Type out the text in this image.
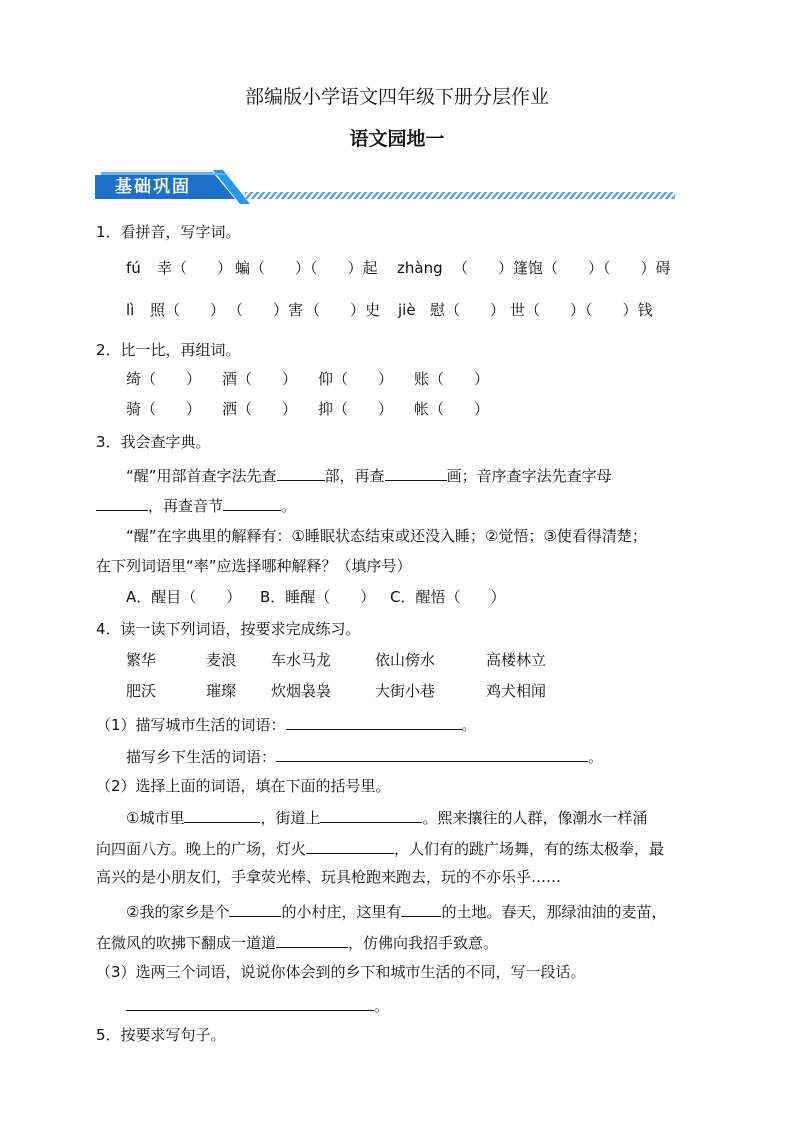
部编版小学语文四年级下册分层作业
语文园地一
基础巩固
1．看拼音，写字词。
fú 幸（　　） 蝙（　　）（　　）起 zhàng （　　）篷 饱（　　）（　　）碍
lì 照（　　） （　　）害 （　　）史 jiè 慰（　　） 世（　　）（　　）钱
2．比一比，再组词。
绮（　　） 酒（　　） 仰（　　） 账（　　）
骑（　　） 洒（　　） 抑（　　） 帐（　　）
3．我会查字典。
“醒”用部首查字法先查	部，再查	画；音序查字法先查字母
，再查音节	。
“醒”在字典里的解释有：①睡眠状态结束或还没入睡；②觉悟；③使看得清楚；
在下列词语里“率”应选择哪种解释？（填序号）
A．醒目（　　） B．睡醒（　　） C．醒悟（　　）
4．读一读下列词语，按要求完成练习。
繁华	麦浪 车水马龙	依山傍水	高楼林立
肥沃	璀璨 炊烟袅袅	大街小巷	鸡犬相闻
（1）描写城市生活的词语：	。
描写乡下生活的词语：	。
（2）选择上面的词语，填在下面的括号里。
①城市里	，街道上	。熙来攘往的人群，像潮水一样涌
向四面八方。晚上的广场，灯火	，人们有的跳广场舞，有的练太极拳，最
高兴的是小朋友们，手拿荧光棒、玩具枪跑来跑去，玩的不亦乐乎……
②我的家乡是个	的小村庄，这里有	的土地。春天，那绿油油的麦苗，
在微风的吹拂下翻成一道道	，仿佛向我招手致意。
（3）选两三个词语，说说你体会到的乡下和城市生活的不同，写一段话。
。
5．按要求写句子。
